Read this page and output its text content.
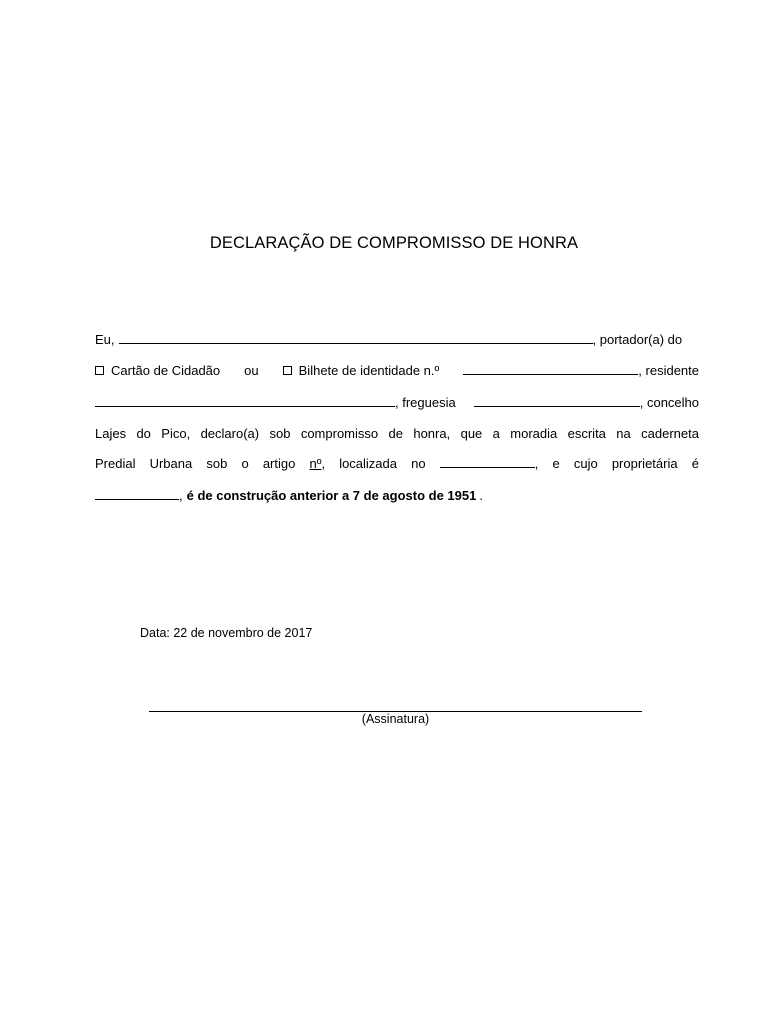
DECLARAÇÃO DE COMPROMISSO DE HONRA
Eu,	, portador(a) do
Cartão de Cidadão ou	Bilhete de identidade n.º	, residente
, freguesia	, concelho
Lajes do Pico, declaro(a) sob compromisso de honra, que a moradia escrita na caderneta
Predial Urbana sob o artigo nº, localizada no	, e cujo proprietária é
, é de construção anterior a 7 de agosto de 1951 .
Data: 22 de novembro de 2017
(Assinatura)
